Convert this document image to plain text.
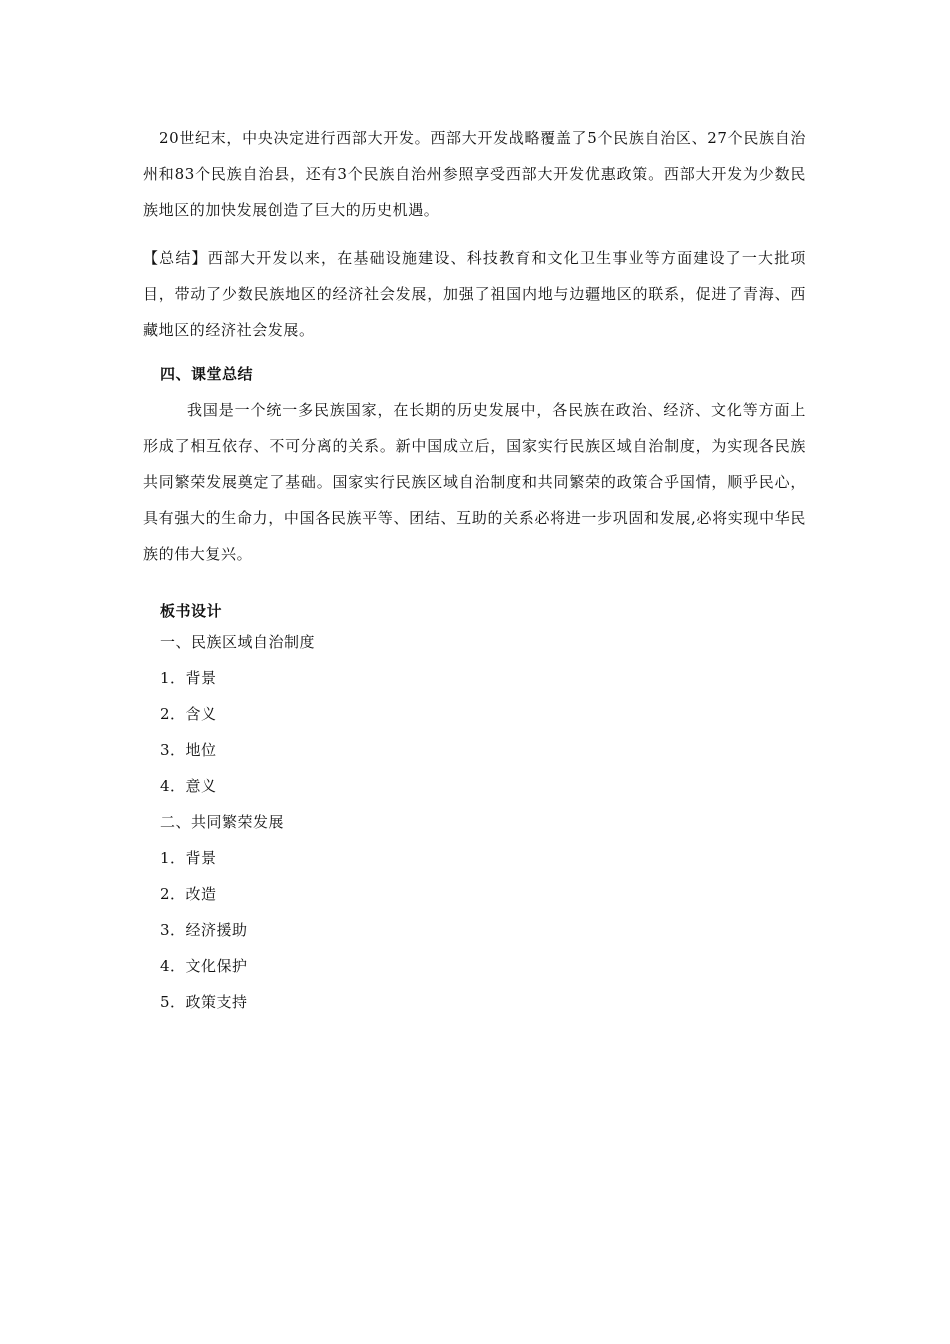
20世纪末，中央决定进行西部大开发。西部大开发战略覆盖了5个民族自治区、27个民族自治州和83个民族自治县，还有3个民族自治州参照享受西部大开发优惠政策。西部大开发为少数民族地区的加快发展创造了巨大的历史机遇。

【总结】西部大开发以来，在基础设施建设、科技教育和文化卫生事业等方面建设了一大批项目，带动了少数民族地区的经济社会发展，加强了祖国内地与边疆地区的联系，促进了青海、西藏地区的经济社会发展。

四、课堂总结

我国是一个统一多民族国家，在长期的历史发展中，各民族在政治、经济、文化等方面上形成了相互依存、不可分离的关系。新中国成立后，国家实行民族区域自治制度，为实现各民族共同繁荣发展奠定了基础。国家实行民族区域自治制度和共同繁荣的政策合乎国情，顺乎民心，具有强大的生命力，中国各民族平等、团结、互助的关系必将进一步巩固和发展,必将实现中华民族的伟大复兴。

板书设计
一、民族区域自治制度
1．背景
2．含义
3．地位
4．意义
二、共同繁荣发展
1．背景
2．改造
3．经济援助
4．文化保护
5．政策支持
